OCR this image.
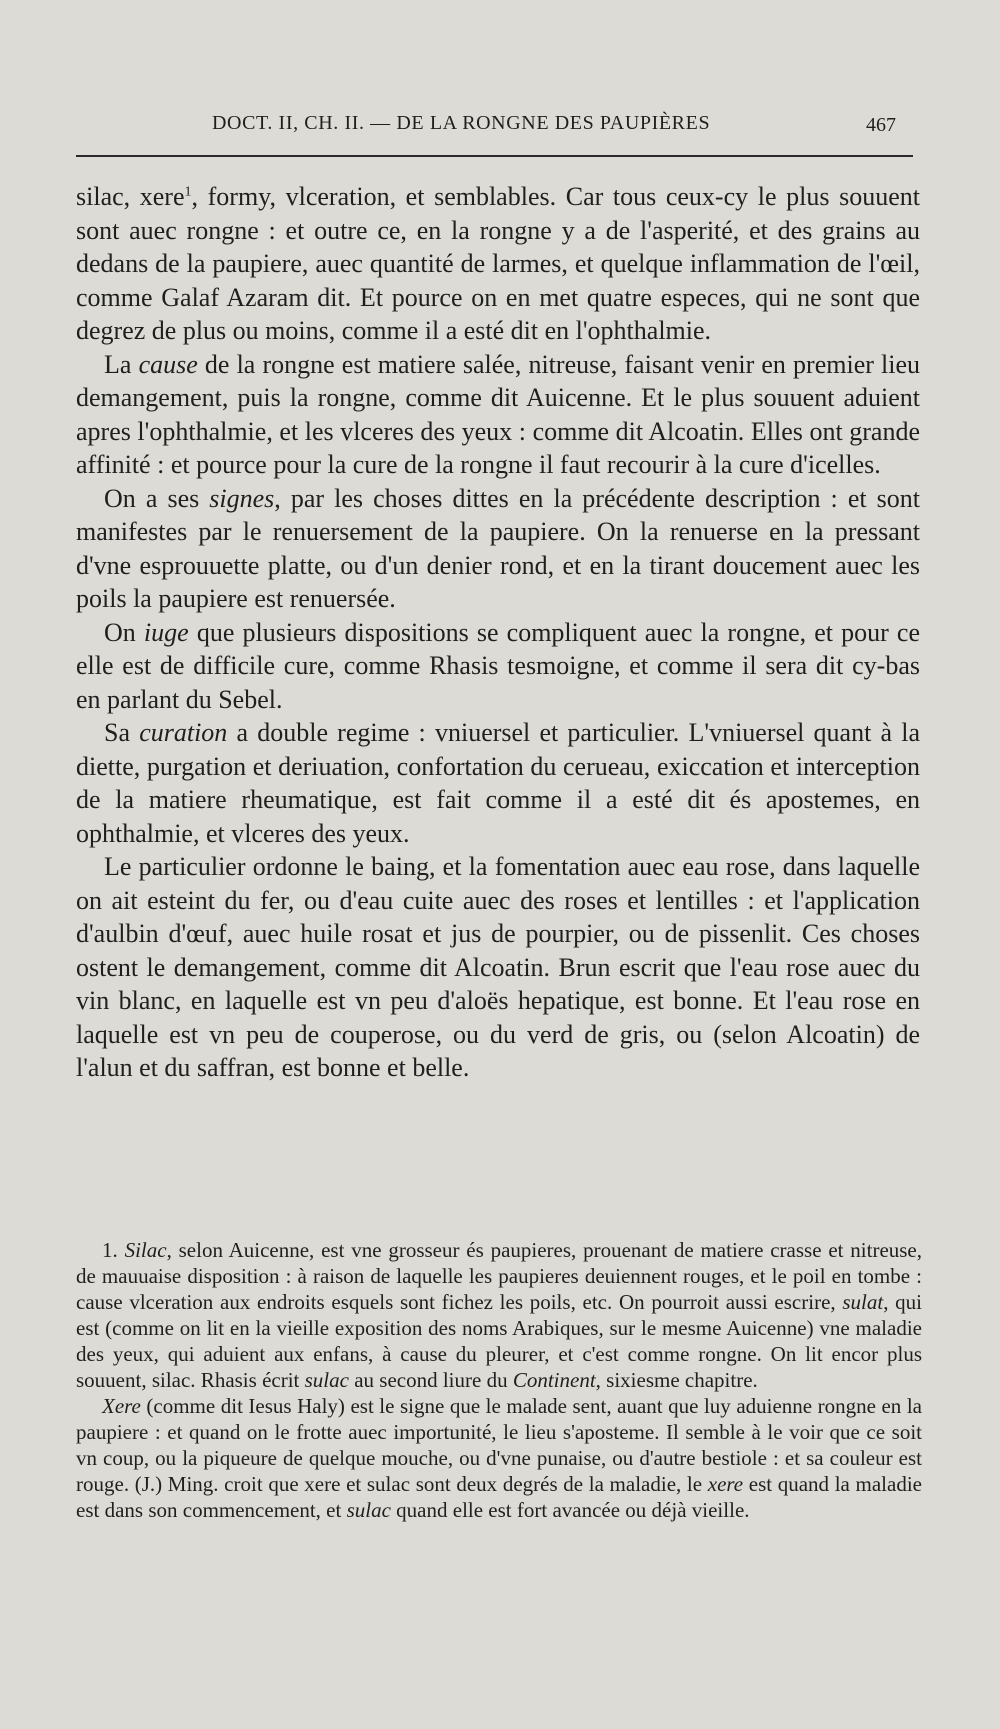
DOCT. II, CH. II. — DE LA RONGNE DES PAUPIÈRES	467

silac, xere$^1$, formy, vlceration, et semblables. Car tous ceux-cy le plus souuent sont auec rongne : et outre ce, en la rongne y a de l'asperité, et des grains au dedans de la paupiere, auec quantité de larmes, et quelque inflammation de l'œil, comme Galaf Azaram dit. Et pource on en met quatre especes, qui ne sont que degrez de plus ou moins, comme il a esté dit en l'ophthalmie.

La cause de la rongne est matiere salée, nitreuse, faisant venir en premier lieu demangement, puis la rongne, comme dit Auicenne. Et le plus souuent aduient apres l'ophthalmie, et les vlceres des yeux : comme dit Alcoatin. Elles ont grande affinité : et pource pour la cure de la rongne il faut recourir à la cure d'icelles.

On a ses signes, par les choses dittes en la précédente description : et sont manifestes par le renuersement de la paupiere. On la renuerse en la pressant d'vne esprouuette platte, ou d'un denier rond, et en la tirant doucement auec les poils la paupiere est renuersée.

On iuge que plusieurs dispositions se compliquent auec la rongne, et pour ce elle est de difficile cure, comme Rhasis tesmoigne, et comme il sera dit cy-bas en parlant du Sebel.

Sa curation a double regime : vniuersel et particulier. L'vniuersel quant à la diette, purgation et deriuation, confortation du cerueau, exiccation et interception de la matiere rheumatique, est fait comme il a esté dit és apostemes, en ophthalmie, et vlceres des yeux.

Le particulier ordonne le baing, et la fomentation auec eau rose, dans laquelle on ait esteint du fer, ou d'eau cuite auec des roses et lentilles : et l'application d'aulbin d'œuf, auec huile rosat et jus de pourpier, ou de pissenlit. Ces choses ostent le demangement, comme dit Alcoatin. Brun escrit que l'eau rose auec du vin blanc, en laquelle est vn peu d'aloës hepatique, est bonne. Et l'eau rose en laquelle est vn peu de couperose, ou du verd de gris, ou (selon Alcoatin) de l'alun et du saffran, est bonne et belle.

1. Silac, selon Auicenne, est vne grosseur és paupieres, prouenant de matiere crasse et nitreuse, de mauuaise disposition : à raison de laquelle les paupieres deuiennent rouges, et le poil en tombe : cause vlceration aux endroits esquels sont fichez les poils, etc. On pourroit aussi escrire, sulat, qui est (comme on lit en la vieille exposition des noms Arabiques, sur le mesme Auicenne) vne maladie des yeux, qui aduient aux enfans, à cause du pleurer, et c'est comme rongne. On lit encor plus souuent, silac. Rhasis écrit sulac au second liure du Continent, sixiesme chapitre.

Xere (comme dit Iesus Haly) est le signe que le malade sent, auant que luy aduienne rongne en la paupiere : et quand on le frotte auec importunité, le lieu s'aposteme. Il semble à le voir que ce soit vn coup, ou la piqueure de quelque mouche, ou d'vne punaise, ou d'autre bestiole : et sa couleur est rouge. (J.) Ming. croit que xere et sulac sont deux degrés de la maladie, le xere est quand la maladie est dans son commencement, et sulac quand elle est fort avancée ou déjà vieille.
